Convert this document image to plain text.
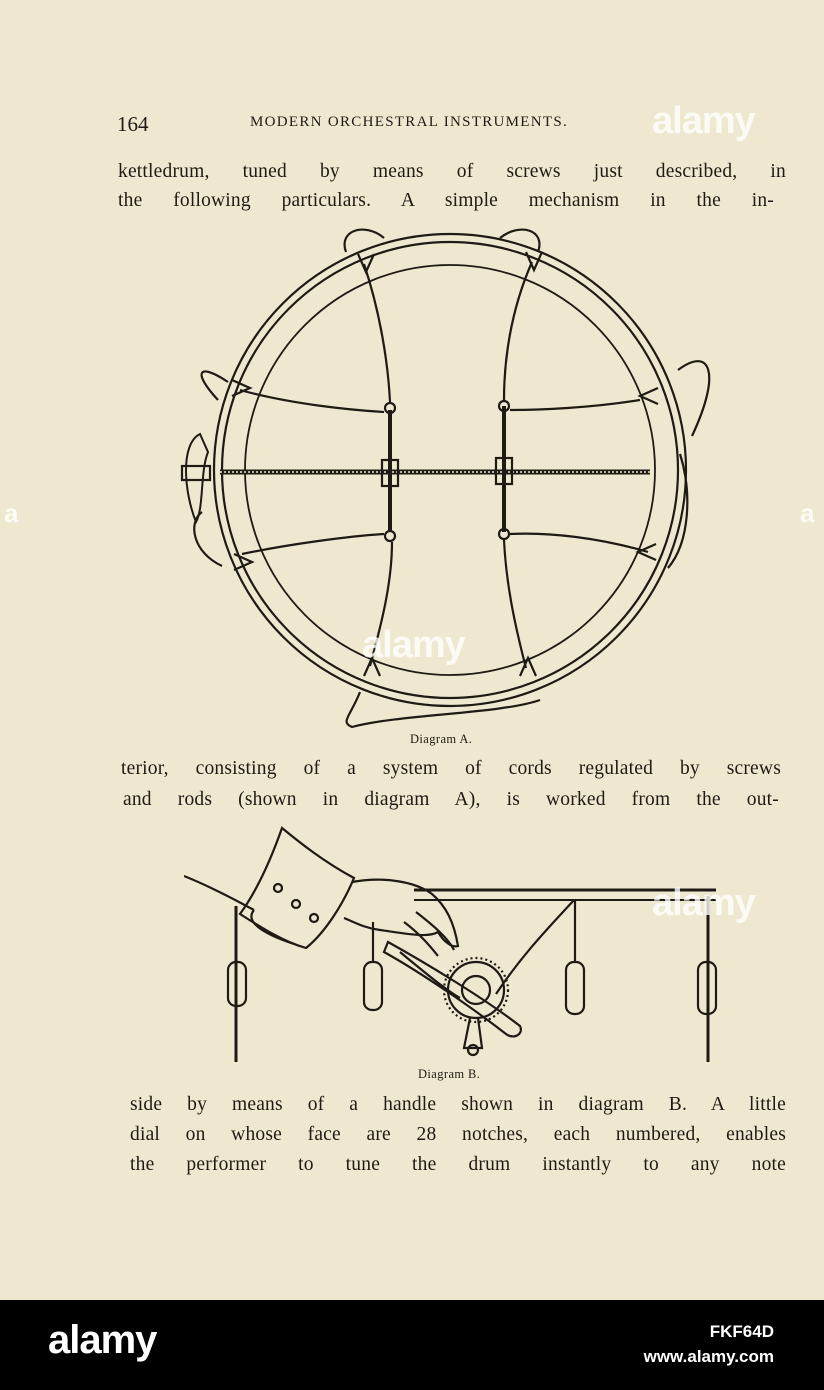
164	MODERN ORCHESTRAL INSTRUMENTS.
kettledrum, tuned by means of screws just described, in
the following particulars. A simple mechanism in the in-
Diagram A.
terior, consisting of a system of cords regulated by screws
and rods (shown in diagram A), is worked from the out-
Diagram B.
side by means of a handle shown in diagram B. A little
dial on whose face are 28 notches, each numbered, enables
the performer to tune the drum instantly to any note
alamy
alamy
alamy
a	a
alamy	FKF64D
www.alamy.com
